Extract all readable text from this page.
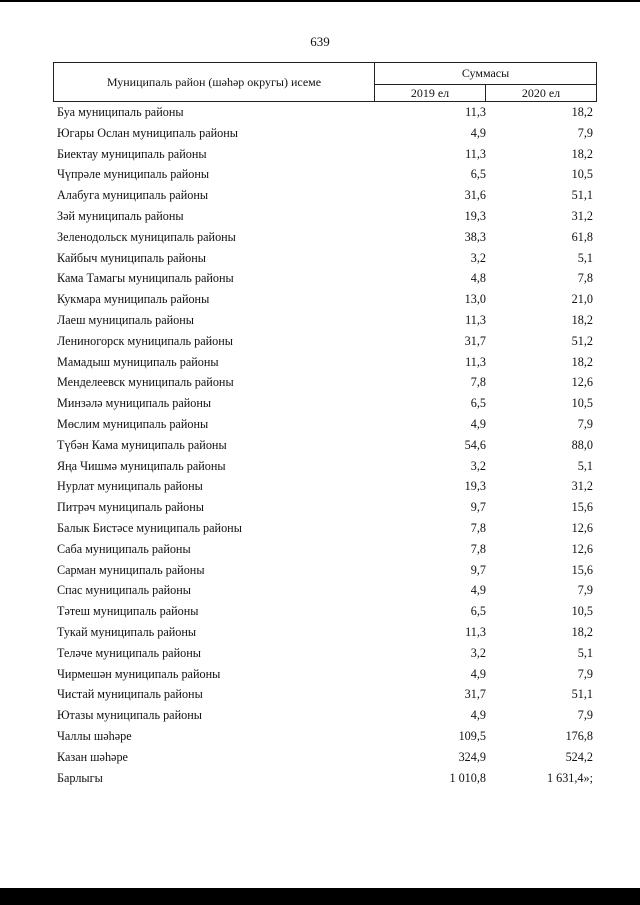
639
Муниципаль район (шәһәр округы) исеме
Суммасы
2019 ел	2020 ел
Буа муниципаль районы	11,3	18,2
Югары Ослан муниципаль районы	4,9	7,9
Биектау муниципаль районы	11,3	18,2
Чүпрәле муниципаль районы	6,5	10,5
Алабуга муниципаль районы	31,6	51,1
Зәй муниципаль районы	19,3	31,2
Зеленодольск муниципаль районы	38,3	61,8
Кайбыч муниципаль районы	3,2	5,1
Кама Тамагы муниципаль районы	4,8	7,8
Кукмара муниципаль районы	13,0	21,0
Лаеш муниципаль районы	11,3	18,2
Лениногорск муниципаль районы	31,7	51,2
Мамадыш муниципаль районы	11,3	18,2
Менделеевск муниципаль районы	7,8	12,6
Минзәлә муниципаль районы	6,5	10,5
Мөслим муниципаль районы	4,9	7,9
Түбән Кама муниципаль районы	54,6	88,0
Яңа Чишмә муниципаль районы	3,2	5,1
Нурлат муниципаль районы	19,3	31,2
Питрәч муниципаль районы	9,7	15,6
Балык Бистәсе муниципаль районы	7,8	12,6
Саба муниципаль районы	7,8	12,6
Сарман муниципаль районы	9,7	15,6
Спас муниципаль районы	4,9	7,9
Тәтеш муниципаль районы	6,5	10,5
Тукай муниципаль районы	11,3	18,2
Теләче муниципаль районы	3,2	5,1
Чирмешән муниципаль районы	4,9	7,9
Чистай муниципаль районы	31,7	51,1
Ютазы муниципаль районы	4,9	7,9
Чаллы шәһәре	109,5	176,8
Казан шәһәре	324,9	524,2
Барлыгы	1 010,8	1 631,4»;
